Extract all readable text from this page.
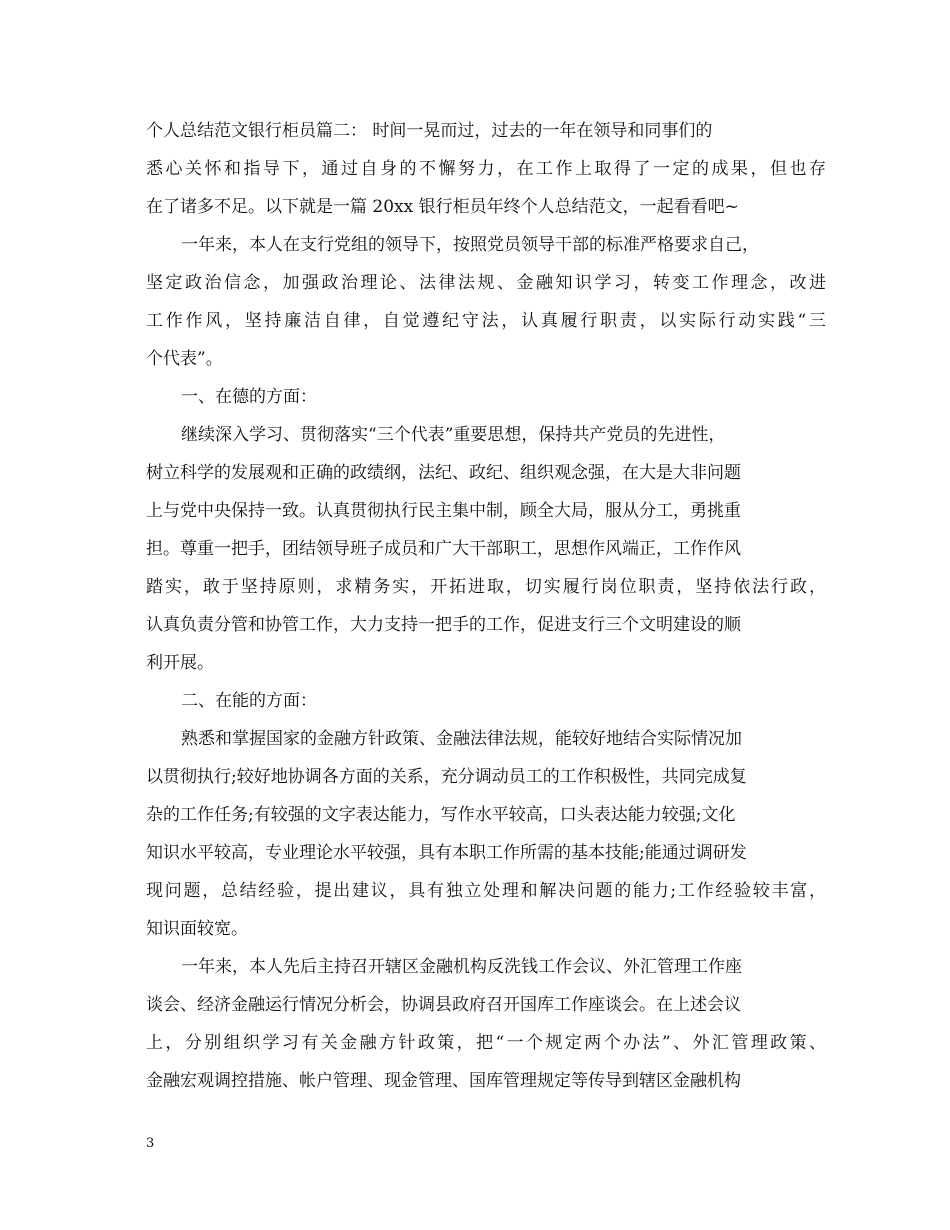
个人总结范文银行柜员篇二： 时间一晃而过，过去的一年在领导和同事们的
悉心关怀和指导下，通过自身的不懈努力，在工作上取得了一定的成果，但也存
在了诸多不足。以下就是一篇 20xx 银行柜员年终个人总结范文，一起看看吧~
一年来，本人在支行党组的领导下，按照党员领导干部的标准严格要求自己，
坚定政治信念，加强政治理论、法律法规、金融知识学习，转变工作理念，改进
工作作风，坚持廉洁自律，自觉遵纪守法，认真履行职责，以实际行动实践“三
个代表”。
一、在德的方面：
继续深入学习、贯彻落实“三个代表”重要思想，保持共产党员的先进性，
树立科学的发展观和正确的政绩纲，法纪、政纪、组织观念强，在大是大非问题
上与党中央保持一致。认真贯彻执行民主集中制，顾全大局，服从分工，勇挑重
担。尊重一把手，团结领导班子成员和广大干部职工，思想作风端正，工作作风
踏实，敢于坚持原则，求精务实，开拓进取，切实履行岗位职责，坚持依法行政，
认真负责分管和协管工作，大力支持一把手的工作，促进支行三个文明建设的顺
利开展。
二、在能的方面：
熟悉和掌握国家的金融方针政策、金融法律法规，能较好地结合实际情况加
以贯彻执行;较好地协调各方面的关系，充分调动员工的工作积极性，共同完成复
杂的工作任务;有较强的文字表达能力，写作水平较高，口头表达能力较强;文化
知识水平较高，专业理论水平较强，具有本职工作所需的基本技能;能通过调研发
现问题，总结经验，提出建议，具有独立处理和解决问题的能力;工作经验较丰富，
知识面较宽。
一年来，本人先后主持召开辖区金融机构反洗钱工作会议、外汇管理工作座
谈会、经济金融运行情况分析会，协调县政府召开国库工作座谈会。在上述会议
上，分别组织学习有关金融方针政策，把“一个规定两个办法”、外汇管理政策、
金融宏观调控措施、帐户管理、现金管理、国库管理规定等传导到辖区金融机构
3
